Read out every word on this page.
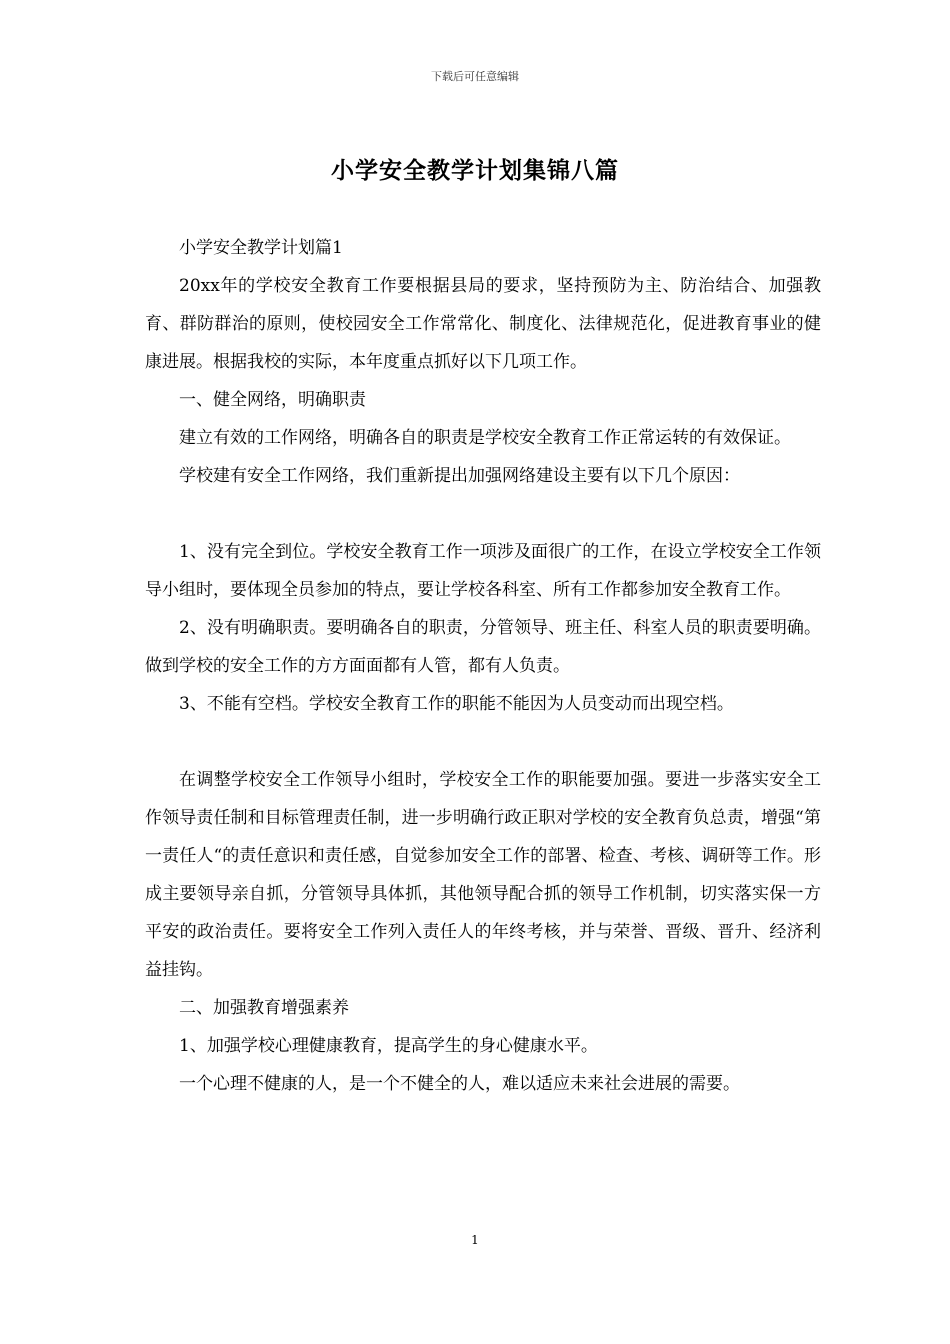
下载后可任意编辑
小学安全教学计划集锦八篇

小学安全教学计划篇1

20xx年的学校安全教育工作要根据县局的要求，坚持预防为主、防治结合、加强教育、群防群治的原则，使校园安全工作常常化、制度化、法律规范化，促进教育事业的健康进展。根据我校的实际，本年度重点抓好以下几项工作。

一、健全网络，明确职责

建立有效的工作网络，明确各自的职责是学校安全教育工作正常运转的有效保证。

学校建有安全工作网络，我们重新提出加强网络建设主要有以下几个原因：

1、没有完全到位。学校安全教育工作一项涉及面很广的工作，在设立学校安全工作领导小组时，要体现全员参加的特点，要让学校各科室、所有工作都参加安全教育工作。

2、没有明确职责。要明确各自的职责，分管领导、班主任、科室人员的职责要明确。做到学校的安全工作的方方面面都有人管，都有人负责。

3、不能有空档。学校安全教育工作的职能不能因为人员变动而出现空档。

在调整学校安全工作领导小组时，学校安全工作的职能要加强。要进一步落实安全工作领导责任制和目标管理责任制，进一步明确行政正职对学校的安全教育负总责，增强“第一责任人“的责任意识和责任感，自觉参加安全工作的部署、检查、考核、调研等工作。形成主要领导亲自抓，分管领导具体抓，其他领导配合抓的领导工作机制，切实落实保一方平安的政治责任。要将安全工作列入责任人的年终考核，并与荣誉、晋级、晋升、经济利益挂钩。

二、加强教育增强素养

1、加强学校心理健康教育，提高学生的身心健康水平。

一个心理不健康的人，是一个不健全的人，难以适应未来社会进展的需要。

1
